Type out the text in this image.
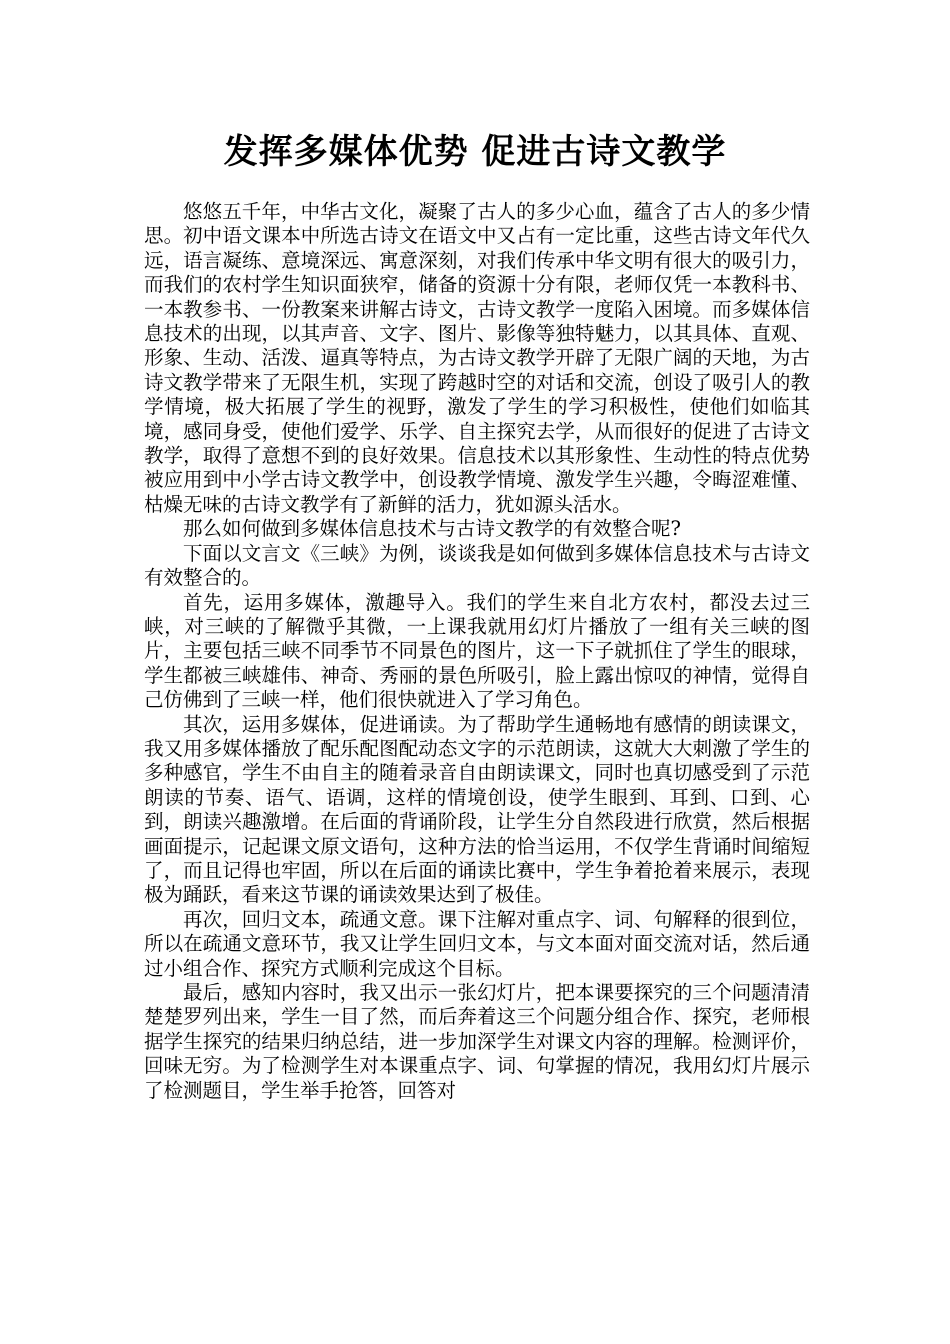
发挥多媒体优势 促进古诗文教学

悠悠五千年，中华古文化，凝聚了古人的多少心血，蕴含了古人的多少情思。初中语文课本中所选古诗文在语文中又占有一定比重，这些古诗文年代久远，语言凝练、意境深远、寓意深刻，对我们传承中华文明有很大的吸引力，而我们的农村学生知识面狭窄，储备的资源十分有限，老师仅凭一本教科书、一本教参书、一份教案来讲解古诗文，古诗文教学一度陷入困境。而多媒体信息技术的出现，以其声音、文字、图片、影像等独特魅力，以其具体、直观、形象、生动、活泼、逼真等特点，为古诗文教学开辟了无限广阔的天地，为古诗文教学带来了无限生机，实现了跨越时空的对话和交流，创设了吸引人的教学情境，极大拓展了学生的视野，激发了学生的学习积极性，使他们如临其境，感同身受，使他们爱学、乐学、自主探究去学，从而很好的促进了古诗文教学，取得了意想不到的良好效果。信息技术以其形象性、生动性的特点优势被应用到中小学古诗文教学中，创设教学情境、激发学生兴趣，令晦涩难懂、枯燥无味的古诗文教学有了新鲜的活力，犹如源头活水。

那么如何做到多媒体信息技术与古诗文教学的有效整合呢?

下面以文言文《三峡》为例，谈谈我是如何做到多媒体信息技术与古诗文有效整合的。

首先，运用多媒体，激趣导入。我们的学生来自北方农村，都没去过三峡，对三峡的了解微乎其微，一上课我就用幻灯片播放了一组有关三峡的图片，主要包括三峡不同季节不同景色的图片，这一下子就抓住了学生的眼球，学生都被三峡雄伟、神奇、秀丽的景色所吸引，脸上露出惊叹的神情，觉得自己仿佛到了三峡一样，他们很快就进入了学习角色。

其次，运用多媒体，促进诵读。为了帮助学生通畅地有感情的朗读课文，我又用多媒体播放了配乐配图配动态文字的示范朗读，这就大大刺激了学生的多种感官，学生不由自主的随着录音自由朗读课文，同时也真切感受到了示范朗读的节奏、语气、语调，这样的情境创设，使学生眼到、耳到、口到、心到，朗读兴趣激增。在后面的背诵阶段，让学生分自然段进行欣赏，然后根据画面提示，记起课文原文语句，这种方法的恰当运用，不仅学生背诵时间缩短了，而且记得也牢固，所以在后面的诵读比赛中，学生争着抢着来展示，表现极为踊跃，看来这节课的诵读效果达到了极佳。

再次，回归文本，疏通文意。课下注解对重点字、词、句解释的很到位，所以在疏通文意环节，我又让学生回归文本，与文本面对面交流对话，然后通过小组合作、探究方式顺利完成这个目标。

最后，感知内容时，我又出示一张幻灯片，把本课要探究的三个问题清清楚楚罗列出来，学生一目了然，而后奔着这三个问题分组合作、探究，老师根据学生探究的结果归纳总结，进一步加深学生对课文内容的理解。检测评价，回味无穷。为了检测学生对本课重点字、词、句掌握的情况，我用幻灯片展示了检测题目，学生举手抢答，回答对
